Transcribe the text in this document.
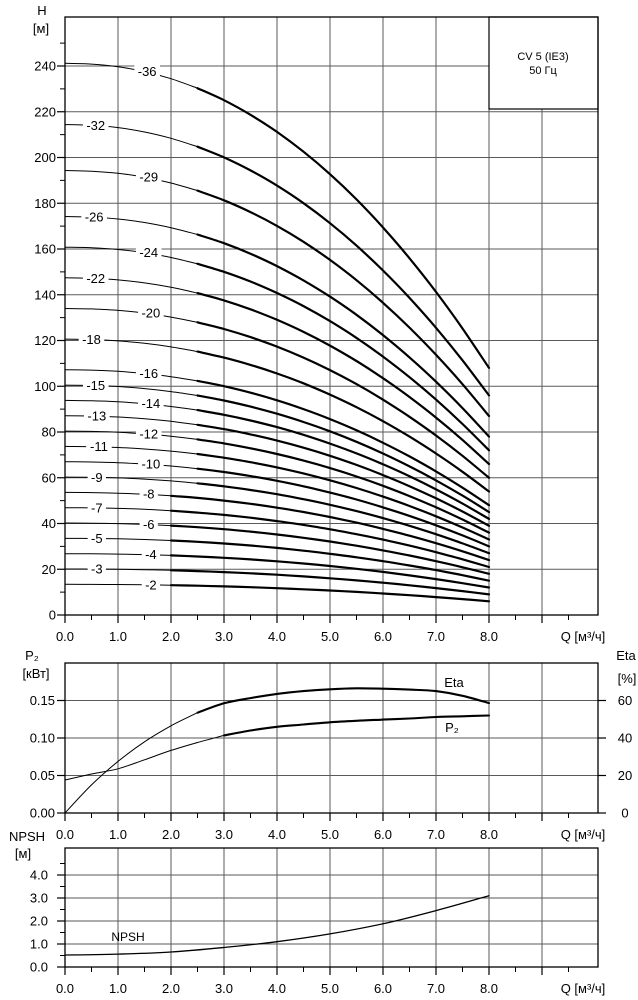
CV 5 (IE3)
50 Гц
-2
-3
-4
-5
-6
-7
-8
-9
-10
-11
-12
-13
-14
-15
-16
-18
-20
-22
-24
-26
-29
-32
-36
0
20
40
60
80
100
120
140
160
180
200
220
240
0.0	1.0	2.0	3.0	4.0	5.0	6.0	7.0	8.0	Q [м³/ч]
H
[м]
Eta
P₂
0.00
0.05
0.10
0.15
0
20
40
60
0.0	1.0	2.0	3.0	4.0	5.0	6.0	7.0	8.0	Q [м³/ч]
P₂
[кВт]
Eta
[%]
NPSH
0.0
1.0
2.0
3.0
4.0
0.0	1.0	2.0	3.0	4.0	5.0	6.0	7.0	8.0	Q [м³/ч]
NPSH
[м]
